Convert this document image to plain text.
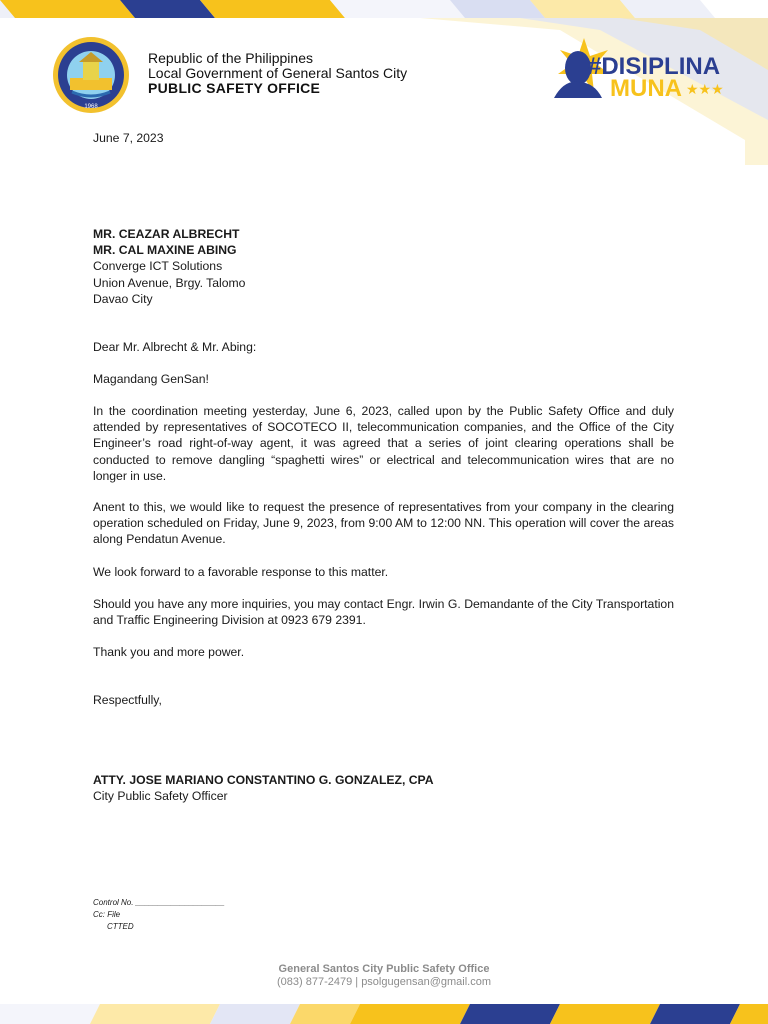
1968
Republic of the Philippines
Local Government of General Santos City
PUBLIC SAFETY OFFICE
#DISIPLINA
MUNA ★★★
June 7, 2023
MR. CEAZAR ALBRECHT
MR. CAL MAXINE ABING
Converge ICT Solutions
Union Avenue, Brgy. Talomo
Davao City
Dear Mr. Albrecht & Mr. Abing:
Magandang GenSan!
In the coordination meeting yesterday, June 6, 2023, called upon by the Public Safety Office and duly attended by representatives of SOCOTECO II, telecommunication companies, and the Office of the City Engineer’s road right-of-way agent, it was agreed that a series of joint clearing operations shall be conducted to remove dangling “spaghetti wires” or electrical and telecommunication wires that are no longer in use.
Anent to this, we would like to request the presence of representatives from your company in the clearing operation scheduled on Friday, June 9, 2023, from 9:00 AM to 12:00 NN. This operation will cover the areas along Pendatun Avenue.
We look forward to a favorable response to this matter.
Should you have any more inquiries, you may contact Engr. Irwin G. Demandante of the City Transportation and Traffic Engineering Division at 0923 679 2391.
Thank you and more power.
Respectfully,
ATTY. JOSE MARIANO CONSTANTINO G. GONZALEZ, CPA
City Public Safety Officer
Control No. ____________________
Cc: File
CTTED
General Santos City Public Safety Office
(083) 877-2479 | psolgugensan@gmail.com
